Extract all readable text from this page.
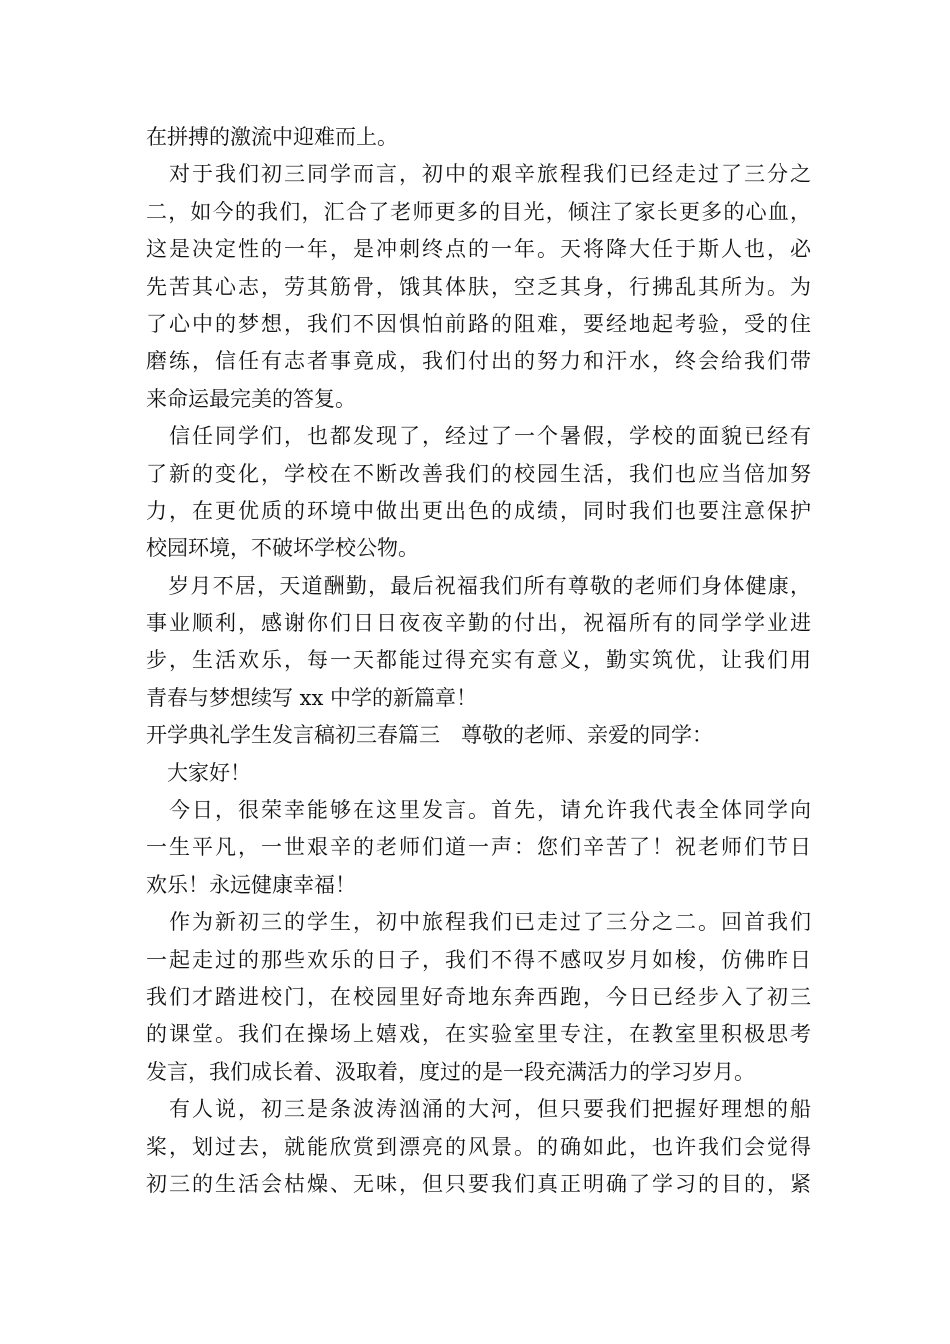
在拼搏的激流中迎难而上。
　对于我们初三同学而言，初中的艰辛旅程我们已经走过了三分之
二，如今的我们，汇合了老师更多的目光，倾注了家长更多的心血，
这是决定性的一年，是冲刺终点的一年。天将降大任于斯人也，必
先苦其心志，劳其筋骨，饿其体肤，空乏其身，行拂乱其所为。为
了心中的梦想，我们不因惧怕前路的阻难，要经地起考验，受的住
磨练，信任有志者事竟成，我们付出的努力和汗水，终会给我们带
来命运最完美的答复。
　信任同学们，也都发现了，经过了一个暑假，学校的面貌已经有
了新的变化，学校在不断改善我们的校园生活，我们也应当倍加努
力，在更优质的环境中做出更出色的成绩，同时我们也要注意保护
校园环境，不破坏学校公物。
　岁月不居，天道酬勤，最后祝福我们所有尊敬的老师们身体健康，
事业顺利，感谢你们日日夜夜辛勤的付出，祝福所有的同学学业进
步，生活欢乐，每一天都能过得充实有意义，勤实筑优，让我们用
青春与梦想续写 xx 中学的新篇章！
开学典礼学生发言稿初三春篇三　尊敬的老师、亲爱的同学：
　大家好！
　今日，很荣幸能够在这里发言。首先，请允许我代表全体同学向
一生平凡，一世艰辛的老师们道一声：您们辛苦了！祝老师们节日
欢乐！永远健康幸福！
　作为新初三的学生，初中旅程我们已走过了三分之二。回首我们
一起走过的那些欢乐的日子，我们不得不感叹岁月如梭，仿佛昨日
我们才踏进校门，在校园里好奇地东奔西跑，今日已经步入了初三
的课堂。我们在操场上嬉戏，在实验室里专注，在教室里积极思考
发言，我们成长着、汲取着，度过的是一段充满活力的学习岁月。
　有人说，初三是条波涛汹涌的大河，但只要我们把握好理想的船
桨，划过去，就能欣赏到漂亮的风景。的确如此，也许我们会觉得
初三的生活会枯燥、无味，但只要我们真正明确了学习的目的，紧
